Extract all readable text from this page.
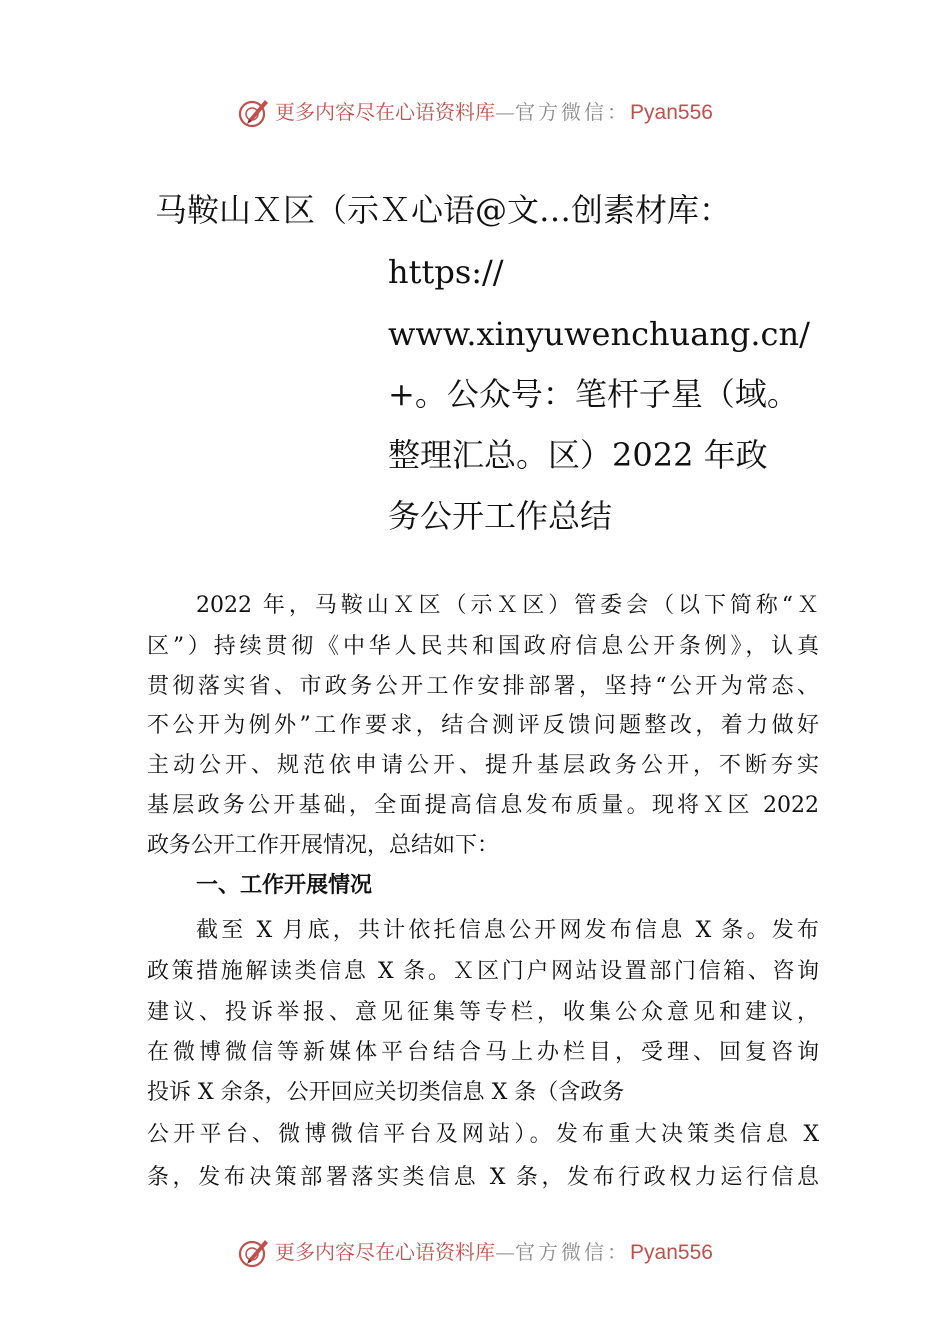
更多内容尽在心语资料库 — 官方微信： Pyan556
马鞍山Ｘ区（示Ｘ心语@文…创素材库：
https://
www.xinyuwenchuang.cn/
+。公众号：笔杆子星（域。
整理汇总。区）2022 年政
务公开工作总结
2022 年，马鞍山Ｘ区（示Ｘ区）管委会（以下简称“Ｘ
区”）持续贯彻《中华人民共和国政府信息公开条例》，认真
贯彻落实省、市政务公开工作安排部署，坚持“公开为常态、
不公开为例外”工作要求，结合测评反馈问题整改，着力做好
主动公开、规范依申请公开、提升基层政务公开，不断夯实
基层政务公开基础，全面提高信息发布质量。现将Ｘ区 2022
政务公开工作开展情况，总结如下：
一、工作开展情况
截至 X 月底，共计依托信息公开网发布信息 X 条。发布
政策措施解读类信息 X 条。Ｘ区门户网站设置部门信箱、咨询
建议、投诉举报、意见征集等专栏，收集公众意见和建议，
在微博微信等新媒体平台结合马上办栏目，受理、回复咨询
投诉 X 余条，公开回应关切类信息 X 条（含政务
公开平台、微博微信平台及网站）。发布重大决策类信息 X
条，发布决策部署落实类信息 X 条，发布行政权力运行信息
更多内容尽在心语资料库 — 官方微信： Pyan556
